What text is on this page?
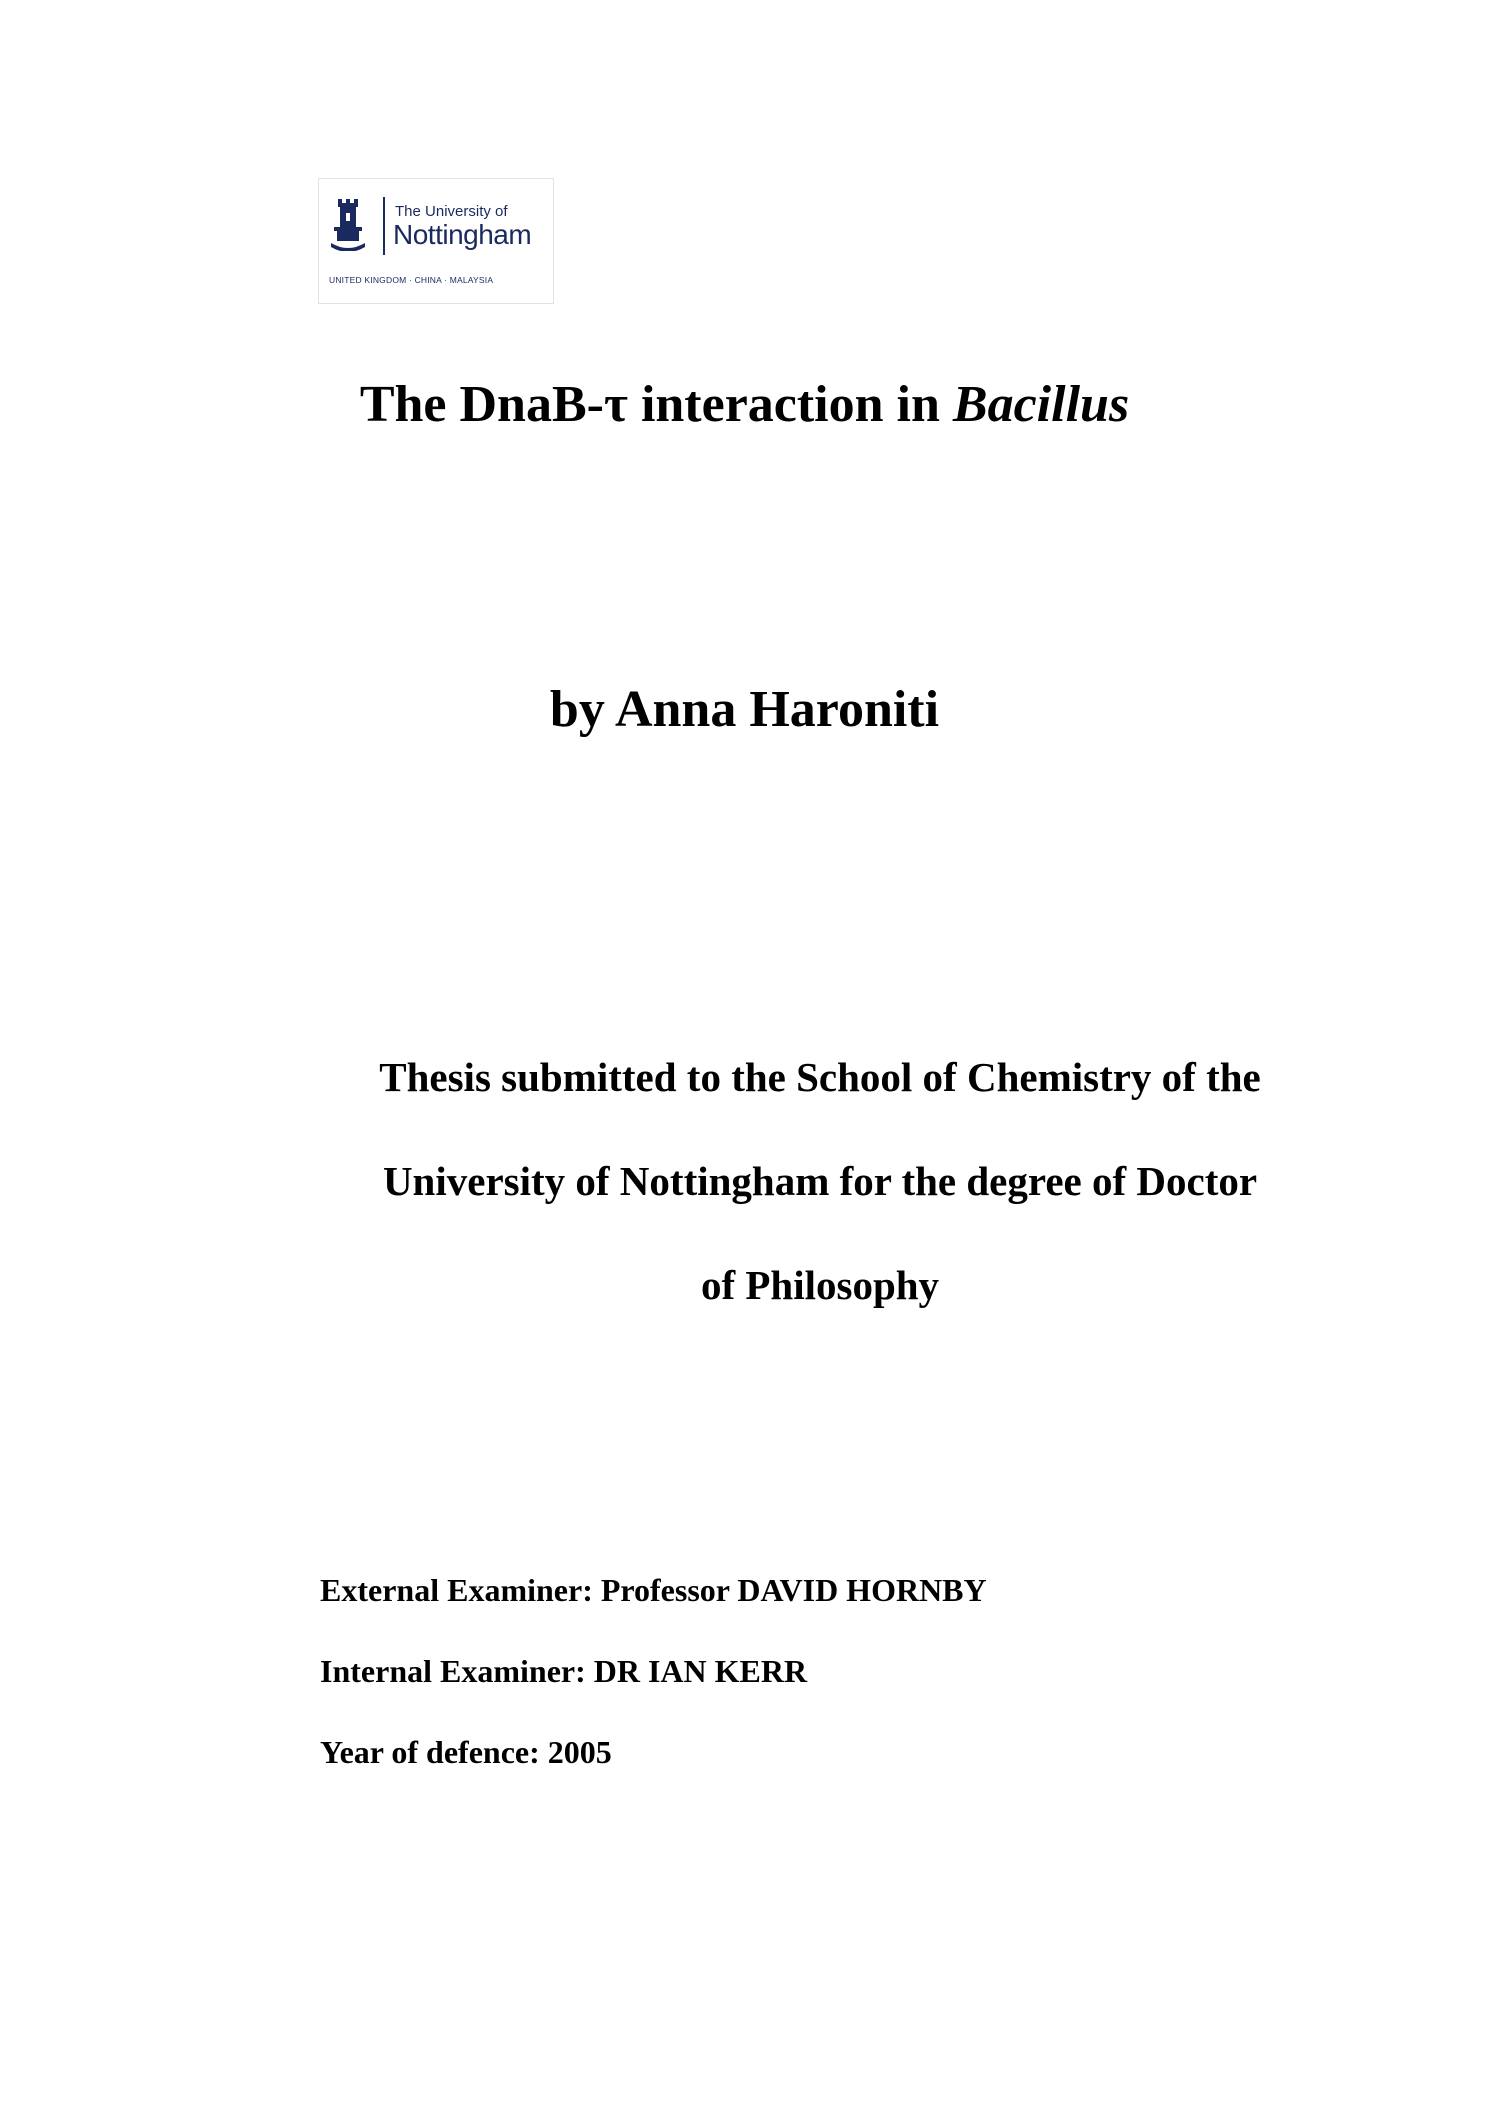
The University of
Nottingham
UNITED KINGDOM · CHINA · MALAYSIA
The DnaB-τ interaction in Bacillus
by Anna Haroniti
Thesis submitted to the School of Chemistry of the
University of Nottingham for the degree of Doctor
of Philosophy
External Examiner: Professor DAVID HORNBY
Internal Examiner: DR IAN KERR
Year of defence: 2005
